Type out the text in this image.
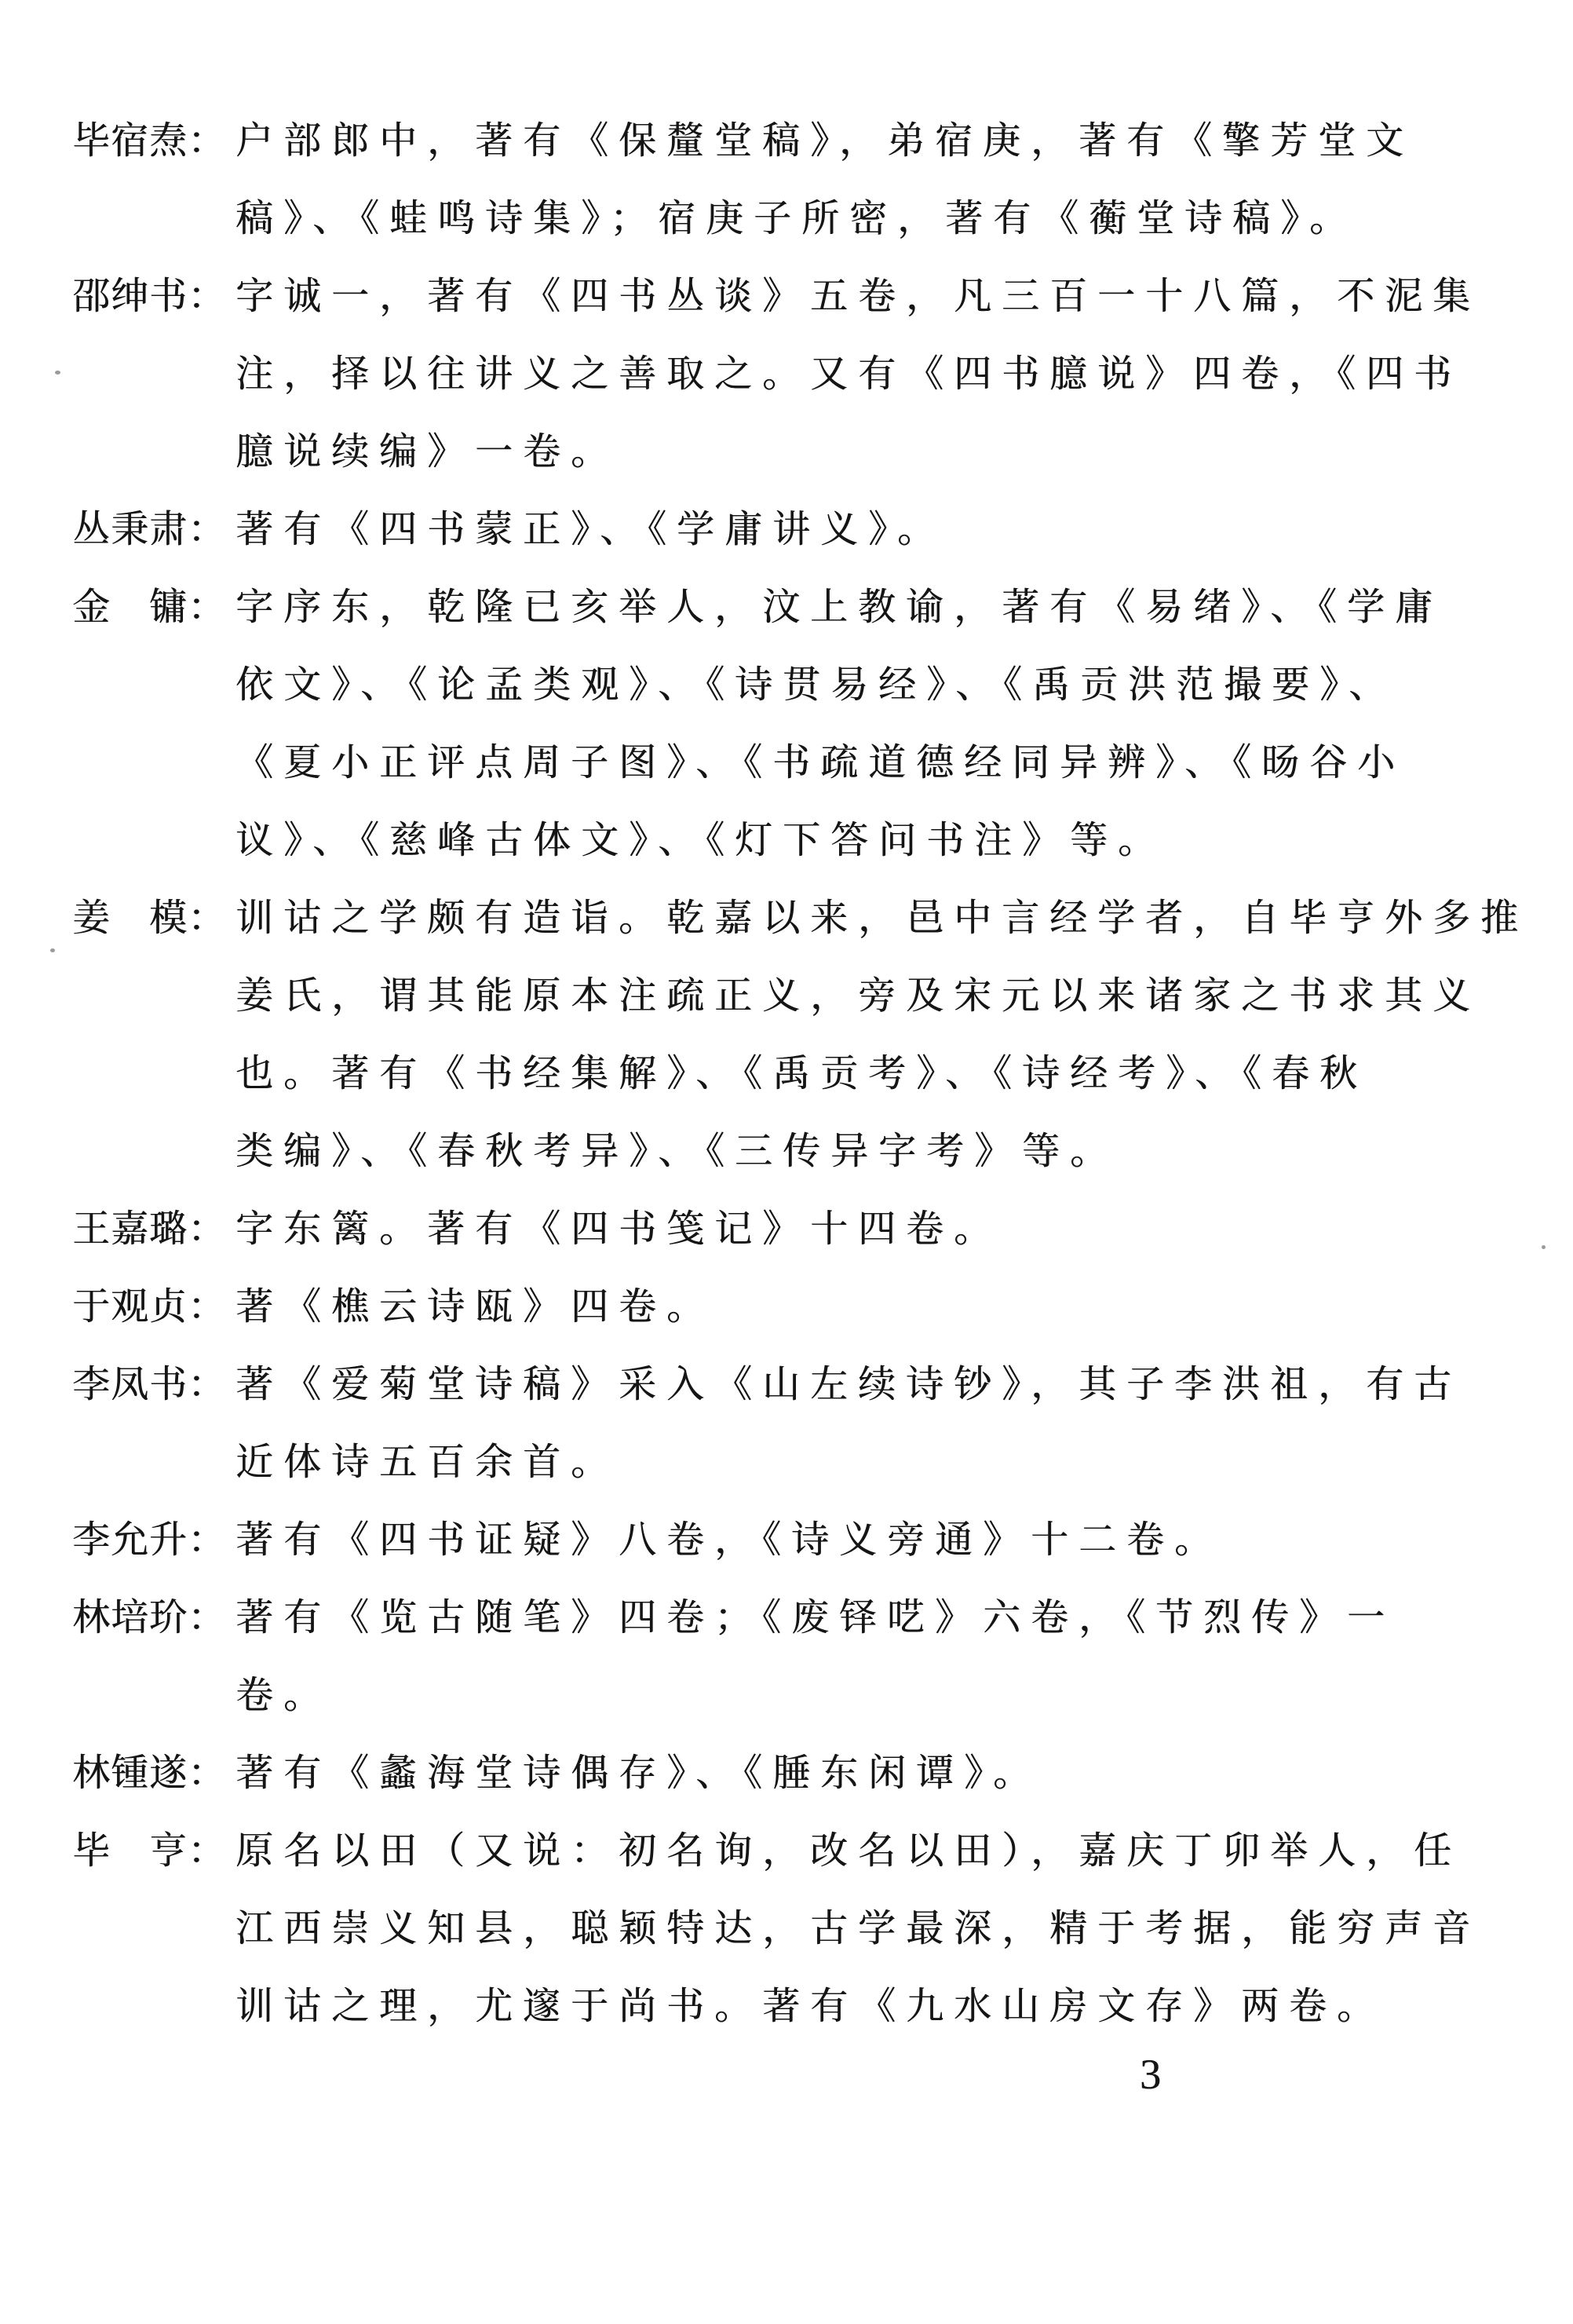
毕宿焘： 户部郎中，著有《保釐堂稿》，弟宿庚，著有《擎芳堂文
稿》、《蛙鸣诗集》；宿庚子所密，著有《蘅堂诗稿》。
邵绅书： 字诚一，著有《四书丛谈》五卷，凡三百一十八篇，不泥集
注，择以往讲义之善取之。又有《四书臆说》四卷，《四书
臆说续编》一卷。
丛秉肃： 著有《四书蒙正》、《学庸讲义》。
金　镛： 字序东，乾隆已亥举人，汶上教谕，著有《易绪》、《学庸
依文》、《论孟类观》、《诗贯易经》、《禹贡洪范撮要》、
《夏小正评点周子图》、《书疏道德经同异辨》、《旸谷小
议》、《慈峰古体文》、《灯下答问书注》等。
姜　模： 训诂之学颇有造诣。乾嘉以来，邑中言经学者，自毕亨外多推
姜氏，谓其能原本注疏正义，旁及宋元以来诸家之书求其义
也。著有《书经集解》、《禹贡考》、《诗经考》、《春秋
类编》、《春秋考异》、《三传异字考》等。
王嘉璐： 字东篱。著有《四书笺记》十四卷。
于观贞： 著《樵云诗瓯》四卷。
李凤书： 著《爱菊堂诗稿》采入《山左续诗钞》，其子李洪祖，有古
近体诗五百余首。
李允升： 著有《四书证疑》八卷，《诗义旁通》十二卷。
林培玠： 著有《览古随笔》四卷；《废铎呓》六卷，《节烈传》一
卷。
林锺遂： 著有《蠡海堂诗偶存》、《腄东闲谭》。
毕　亨： 原名以田（又说：初名询，改名以田），嘉庆丁卯举人，任
江西崇义知县，聪颖特达，古学最深，精于考据，能穷声音
训诂之理，尤邃于尚书。著有《九水山房文存》两卷。
3
